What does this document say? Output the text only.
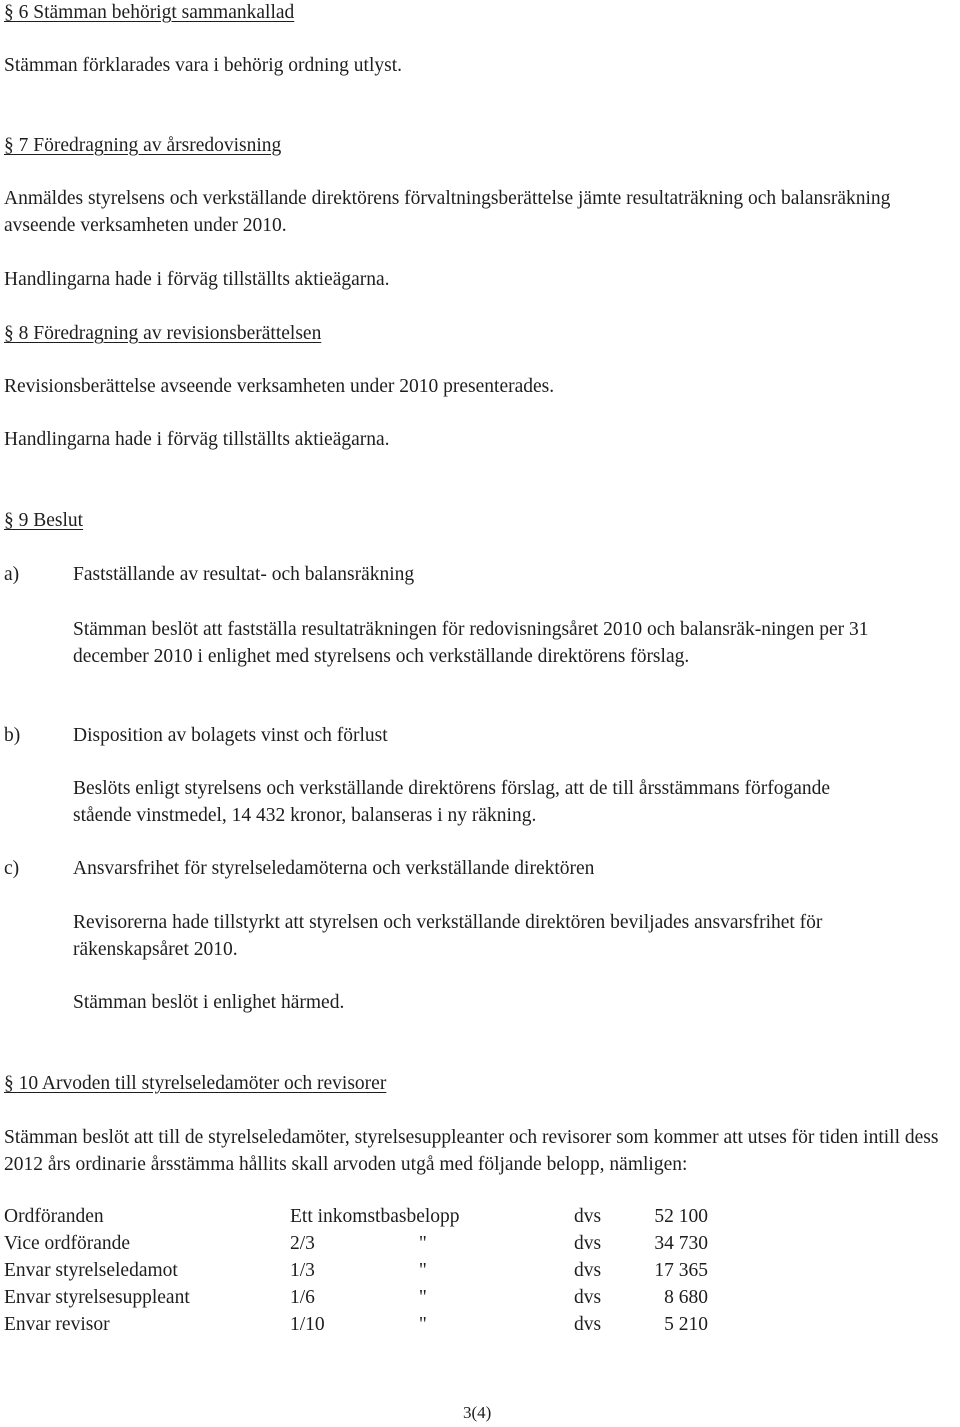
§ 6 Stämman behörigt sammankallad

Stämman förklarades vara i behörig ordning utlyst.

§ 7 Föredragning av årsredovisning

Anmäldes styrelsens och verkställande direktörens förvaltningsberättelse jämte resultaträkning och balansräkning avseende verksamheten under 2010.

Handlingarna hade i förväg tillställts aktieägarna.

§ 8 Föredragning av revisionsberättelsen

Revisionsberättelse avseende verksamheten under 2010 presenterades.

Handlingarna hade i förväg tillställts aktieägarna.

§ 9 Beslut

a)	Fastställande av resultat- och balansräkning

Stämman beslöt att fastställa resultaträkningen för redovisningsåret 2010 och balansräk-ningen per 31 december 2010 i enlighet med styrelsens och verkställande direktörens förslag.

b)	Disposition av bolagets vinst och förlust

Beslöts enligt styrelsens och verkställande direktörens förslag, att de till årsstämmans förfogande stående vinstmedel, 14 432 kronor, balanseras i ny räkning.

c)	Ansvarsfrihet för styrelseledamöterna och verkställande direktören

Revisorerna hade tillstyrkt att styrelsen och verkställande direktören beviljades ansvarsfrihet för räkenskapsåret 2010.

Stämman beslöt i enlighet härmed.

§ 10 Arvoden till styrelseledamöter och revisorer

Stämman beslöt att till de styrelseledamöter, styrelsesuppleanter och revisorer som kommer att utses för tiden intill dess 2012 års ordinarie årsstämma hållits skall arvoden utgå med följande belopp, nämligen:

Ordföranden	Ett inkomstbasbelopp		dvs	52 100
Vice ordförande	2/3	"	dvs	34 730
Envar styrelseledamot	1/3	"	dvs	17 365
Envar styrelsesuppleant	1/6	"	dvs	8 680
Envar revisor	1/10	"	dvs	5 210
3(4)
